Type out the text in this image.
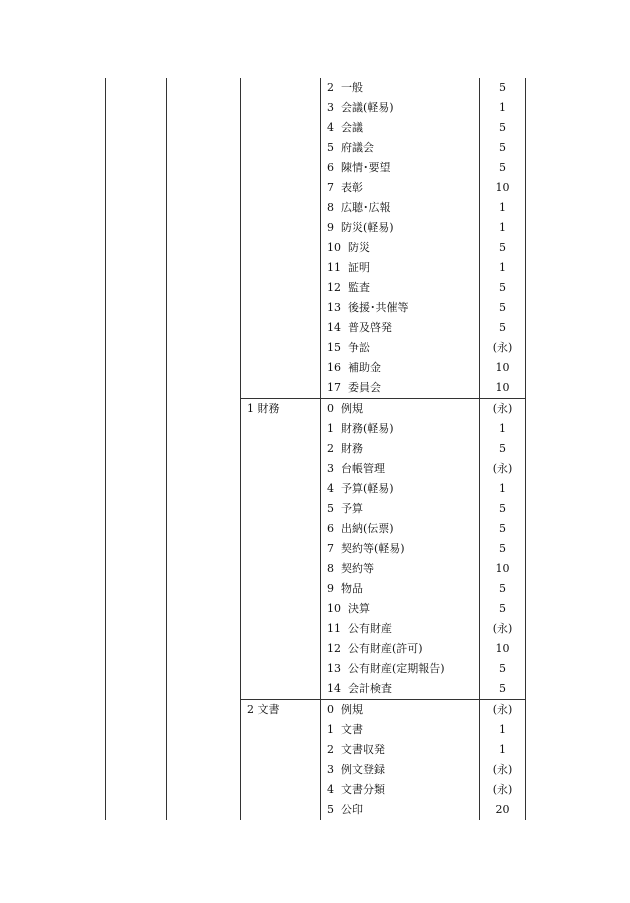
			2 一般	5
			3 会議(軽易)	1
			4 会議	5
			5 府議会	5
			6 陳情･要望	5
			7 表彰	10
			8 広聴･広報	1
			9 防災(軽易)	1
			10 防災	5
			11 証明	1
			12 監査	5
			13 後援･共催等	5
			14 普及啓発	5
			15 争訟	(永)
			16 補助金	10
			17 委員会	10
		1 財務	0 例規	(永)
			1 財務(軽易)	1
			2 財務	5
			3 台帳管理	(永)
			4 予算(軽易)	1
			5 予算	5
			6 出納(伝票)	5
			7 契約等(軽易)	5
			8 契約等	10
			9 物品	5
			10 決算	5
			11 公有財産	(永)
			12 公有財産(許可)	10
			13 公有財産(定期報告)	5
			14 会計検査	5
		2 文書	0 例規	(永)
			1 文書	1
			2 文書収発	1
			3 例文登録	(永)
			4 文書分類	(永)
			5 公印	20
